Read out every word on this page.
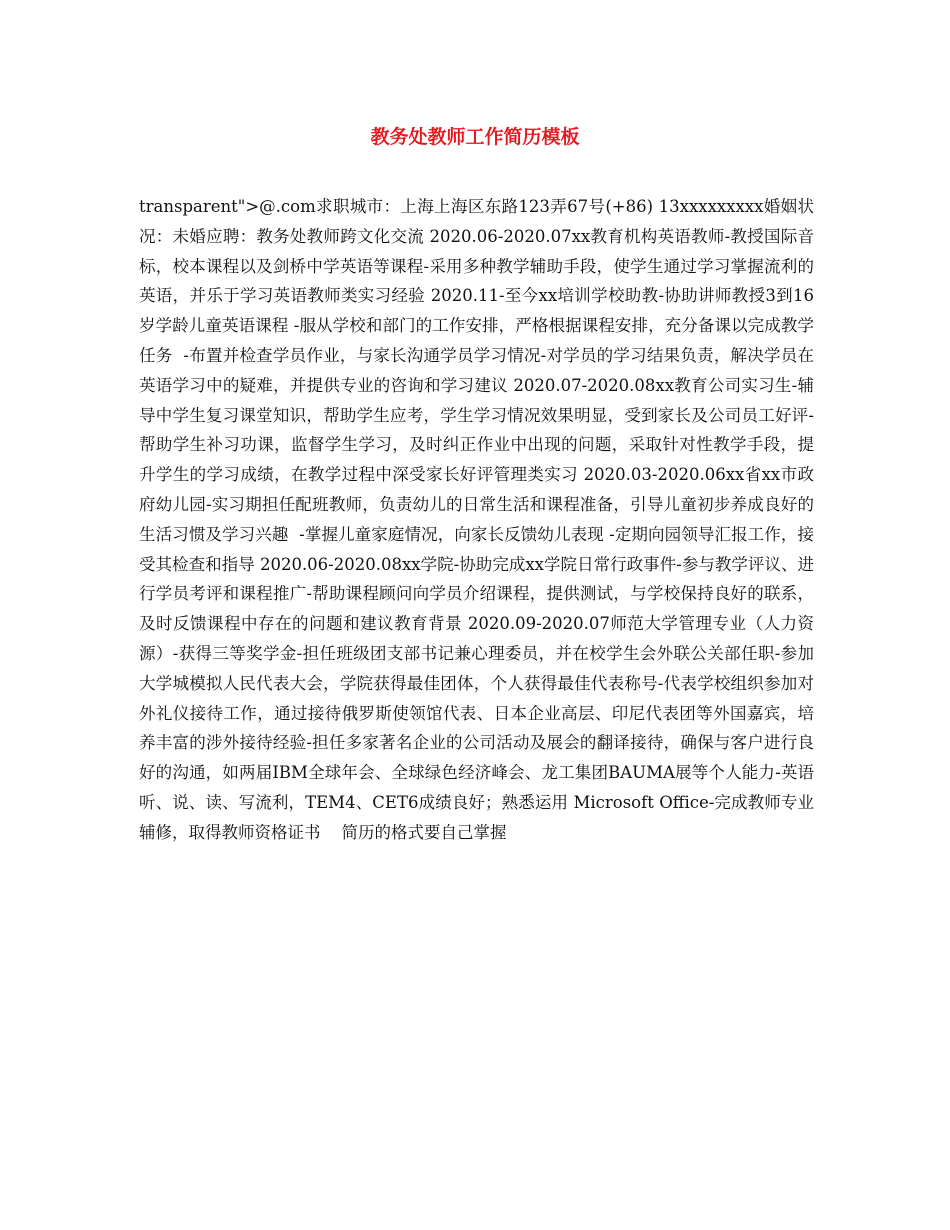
教务处教师工作简历模板

transparent">@.com求职城市：上海上海区东路123弄67号(+86) 13xxxxxxxxx婚姻状况：未婚应聘：教务处教师跨文化交流 2020.06-2020.07xx教育机构英语教师-教授国际音标，校本课程以及剑桥中学英语等课程-采用多种教学辅助手段，使学生通过学习掌握流利的英语，并乐于学习英语教师类实习经验 2020.11-至今xx培训学校助教-协助讲师教授3到16岁学龄儿童英语课程 -服从学校和部门的工作安排，严格根据课程安排，充分备课以完成教学任务  -布置并检查学员作业，与家长沟通学员学习情况-对学员的学习结果负责，解决学员在英语学习中的疑难，并提供专业的咨询和学习建议 2020.07-2020.08xx教育公司实习生-辅导中学生复习课堂知识，帮助学生应考，学生学习情况效果明显，受到家长及公司员工好评-帮助学生补习功课，监督学生学习，及时纠正作业中出现的问题，采取针对性教学手段，提升学生的学习成绩，在教学过程中深受家长好评管理类实习 2020.03-2020.06xx省xx市政府幼儿园-实习期担任配班教师，负责幼儿的日常生活和课程准备，引导儿童初步养成良好的生活习惯及学习兴趣  -掌握儿童家庭情况，向家长反馈幼儿表现 -定期向园领导汇报工作，接受其检查和指导 2020.06-2020.08xx学院-协助完成xx学院日常行政事件-参与教学评议、进行学员考评和课程推广-帮助课程顾问向学员介绍课程，提供测试，与学校保持良好的联系，及时反馈课程中存在的问题和建议教育背景 2020.09-2020.07师范大学管理专业（人力资源）-获得三等奖学金-担任班级团支部书记兼心理委员，并在校学生会外联公关部任职-参加大学城模拟人民代表大会，学院获得最佳团体，个人获得最佳代表称号-代表学校组织参加对外礼仪接待工作，通过接待俄罗斯使领馆代表、日本企业高层、印尼代表团等外国嘉宾，培养丰富的涉外接待经验-担任多家著名企业的公司活动及展会的翻译接待，确保与客户进行良好的沟通，如两届IBM全球年会、全球绿色经济峰会、龙工集团BAUMA展等个人能力-英语听、说、读、写流利，TEM4、CET6成绩良好；熟悉运用 Microsoft Office-完成教师专业辅修，取得教师资格证书    简历的格式要自己掌握
